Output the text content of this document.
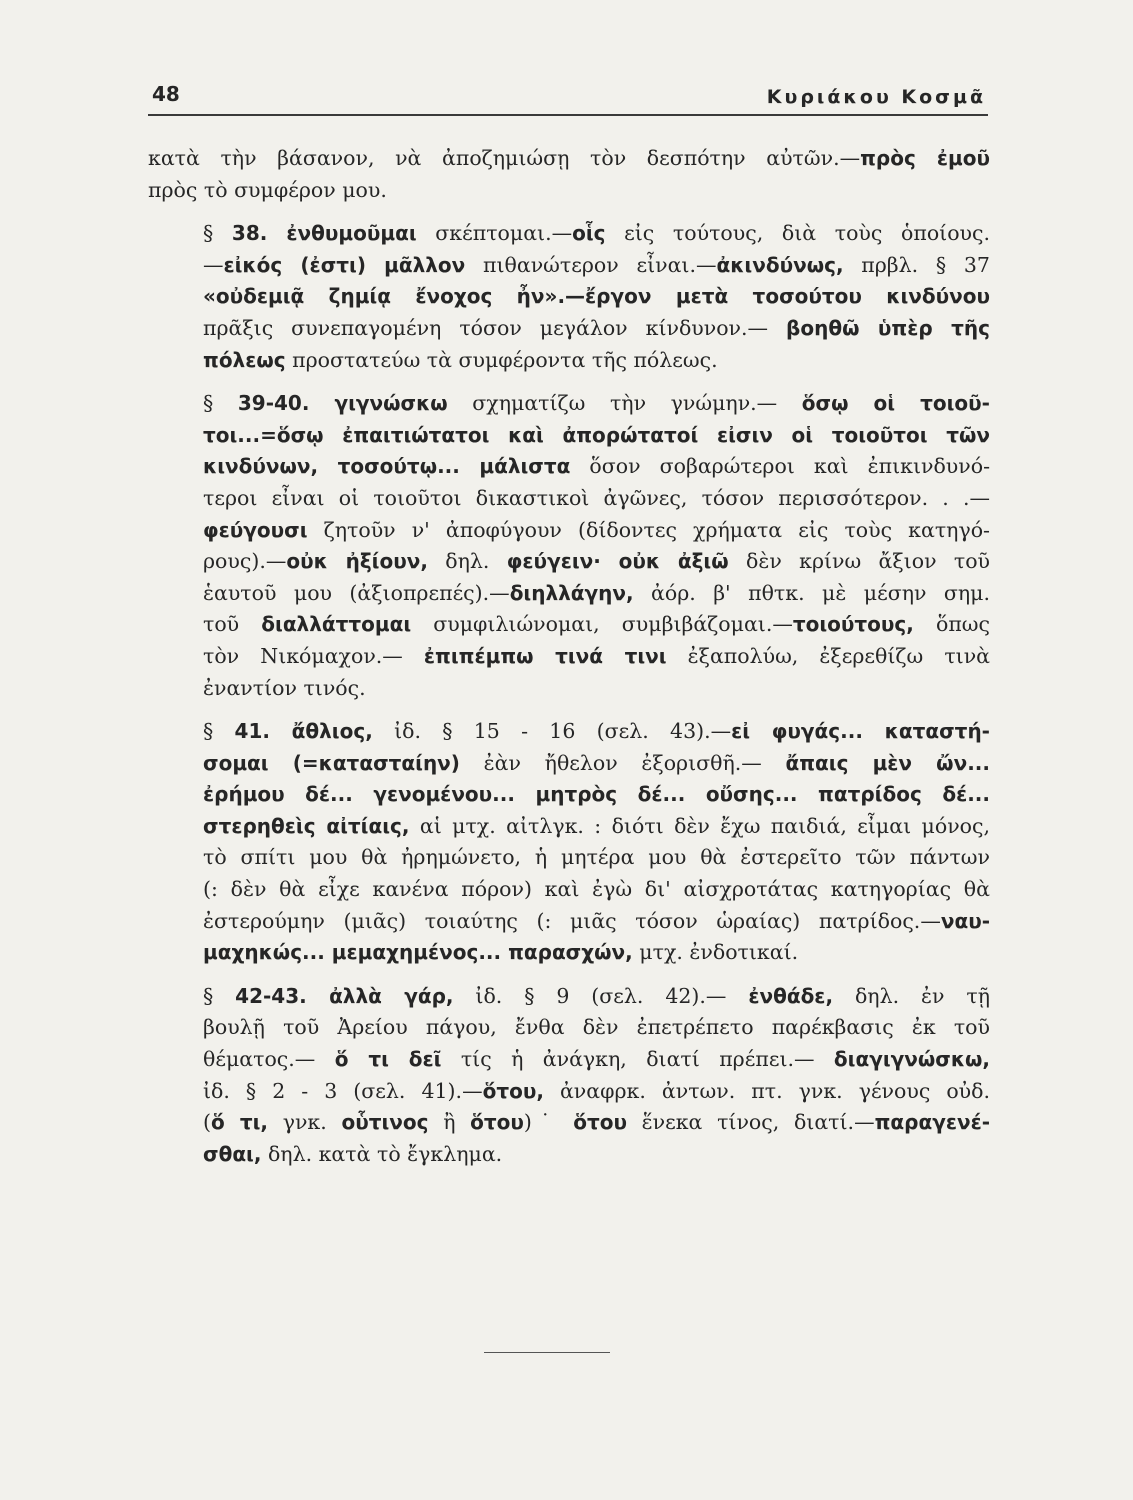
48	Κυριάκου Κοσμᾶ
κατὰ τὴν βάσανον, νὰ ἀποζημιώσῃ τὸν δεσπότην αὐτῶν.—πρὸς ἐμοῦ
πρὸς τὸ συμφέρον μου.
§ 38. ἐνθυμοῦμαι σκέπτομαι.—οἷς εἰς τούτους, διὰ τοὺς ὁποίους.
—εἰκός (ἐστι) μᾶλλον πιθανώτερον εἶναι.—ἀκινδύνως, πρβλ. § 37
«οὐδεμιᾷ ζημίᾳ ἔνοχος ἦν».—ἔργον μετὰ τοσούτου κινδύνου
πρᾶξις συνεπαγομένη τόσον μεγάλον κίνδυνον.— βοηθῶ ὑπὲρ τῆς
πόλεως προστατεύω τὰ συμφέροντα τῆς πόλεως.
§ 39-40. γιγνώσκω σχηματίζω τὴν γνώμην.— ὅσῳ οἱ τοιοῦ-
τοι...=ὅσῳ ἐπαιτιώτατοι καὶ ἀπορώτατοί εἰσιν οἱ τοιοῦτοι τῶν
κινδύνων, τοσούτῳ... μάλιστα ὅσον σοβαρώτεροι καὶ ἐπικινδυνό-
τεροι εἶναι οἱ τοιοῦτοι δικαστικοὶ ἀγῶνες, τόσον περισσότερον. . .—
φεύγουσι ζητοῦν ν' ἀποφύγουν (δίδοντες χρήματα εἰς τοὺς κατηγό-
ρους).—οὐκ ἠξίουν, δηλ. φεύγειν· οὐκ ἀξιῶ δὲν κρίνω ἄξιον τοῦ
ἑαυτοῦ μου (ἀξιοπρεπές).—διηλλάγην, ἀόρ. β' πθτκ. μὲ μέσην σημ.
τοῦ διαλλάττομαι συμφιλιώνομαι, συμβιβάζομαι.—τοιούτους, ὅπως
τὸν Νικόμαχον.— ἐπιπέμπω τινά τινι ἐξαπολύω, ἐξερεθίζω τινὰ
ἐναντίον τινός.
§ 41. ἄθλιος, ἰδ. § 15 - 16 (σελ. 43).—εἰ φυγάς... καταστή-
σομαι (=κατασταίην) ἐὰν ἤθελον ἐξορισθῆ.— ἄπαις μὲν ὤν...
ἐρήμου δέ... γενομένου... μητρὸς δέ... οὔσης... πατρίδος δέ...
στερηθεὶς αἰτίαις, αἱ μτχ. αἰτλγκ. : διότι δὲν ἔχω παιδιά, εἶμαι μόνος,
τὸ σπίτι μου θὰ ἠρημώνετο, ἡ μητέρα μου θὰ ἐστερεῖτο τῶν πάντων
(: δὲν θὰ εἶχε κανένα πόρον) καὶ ἐγὼ δι' αἰσχροτάτας κατηγορίας θὰ
ἐστερούμην (μιᾶς) τοιαύτης (: μιᾶς τόσον ὡραίας) πατρίδος.—ναυ-
μαχηκώς... μεμαχημένος... παρασχών, μτχ. ἐνδοτικαί.
§ 42-43. ἀλλὰ γάρ, ἰδ. § 9 (σελ. 42).— ἐνθάδε, δηλ. ἐν τῇ
βουλῇ τοῦ Ἀρείου πάγου, ἔνθα δὲν ἐπετρέπετο παρέκβασις ἐκ τοῦ
θέματος.— ὅ τι δεῖ τίς ἡ ἀνάγκη, διατί πρέπει.— διαγιγνώσκω,
ἰδ. § 2 - 3 (σελ. 41).—ὅτου, ἀναφρκ. ἀντων. πτ. γνκ. γένους οὐδ.
(ὅ τι, γνκ. οὗτινος ἢ ὅτου)˙ ὅτου ἕνεκα τίνος, διατί.—παραγενέ-
σθαι, δηλ. κατὰ τὸ ἔγκλημα.
